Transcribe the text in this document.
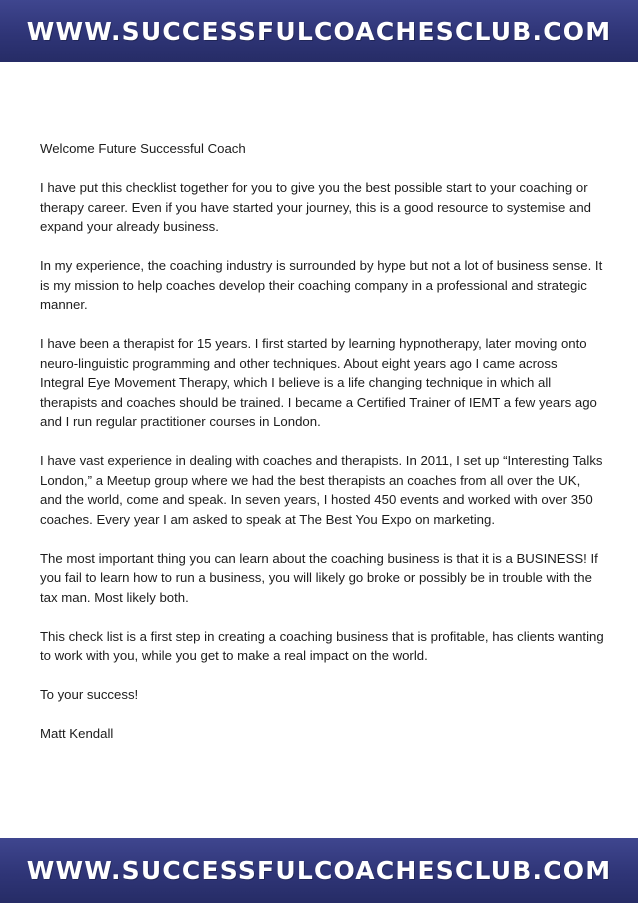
WWW.SUCCESSFULCOACHESCLUB.COM

Welcome Future Successful Coach

I have put this checklist together for you to give you the best possible start to your coaching or therapy career. Even if you have started your journey, this is a good resource to systemise and expand your already business.

In my experience, the coaching industry is surrounded by hype but not a lot of business sense. It is my mission to help coaches develop their coaching company in a professional and strategic manner.

I have been a therapist for 15 years. I first started by learning hypnotherapy, later moving onto neuro-linguistic programming and other techniques. About eight years ago I came across Integral Eye Movement Therapy, which I believe is a life changing technique in which all therapists and coaches should be trained. I became a Certified Trainer of IEMT a few years ago and I run regular practitioner courses in London.

I have vast experience in dealing with coaches and therapists. In 2011, I set up “Interesting Talks London,” a Meetup group where we had the best therapists an coaches from all over the UK, and the world, come and speak. In seven years, I hosted 450 events and worked with over 350 coaches. Every year I am asked to speak at The Best You Expo on marketing.

The most important thing you can learn about the coaching business is that it is a BUSINESS! If you fail to learn how to run a business, you will likely go broke or possibly be in trouble with the tax man. Most likely both.

This check list is a first step in creating a coaching business that is profitable, has clients wanting to work with you, while you get to make a real impact on the world.

To your success!

Matt Kendall

WWW.SUCCESSFULCOACHESCLUB.COM
